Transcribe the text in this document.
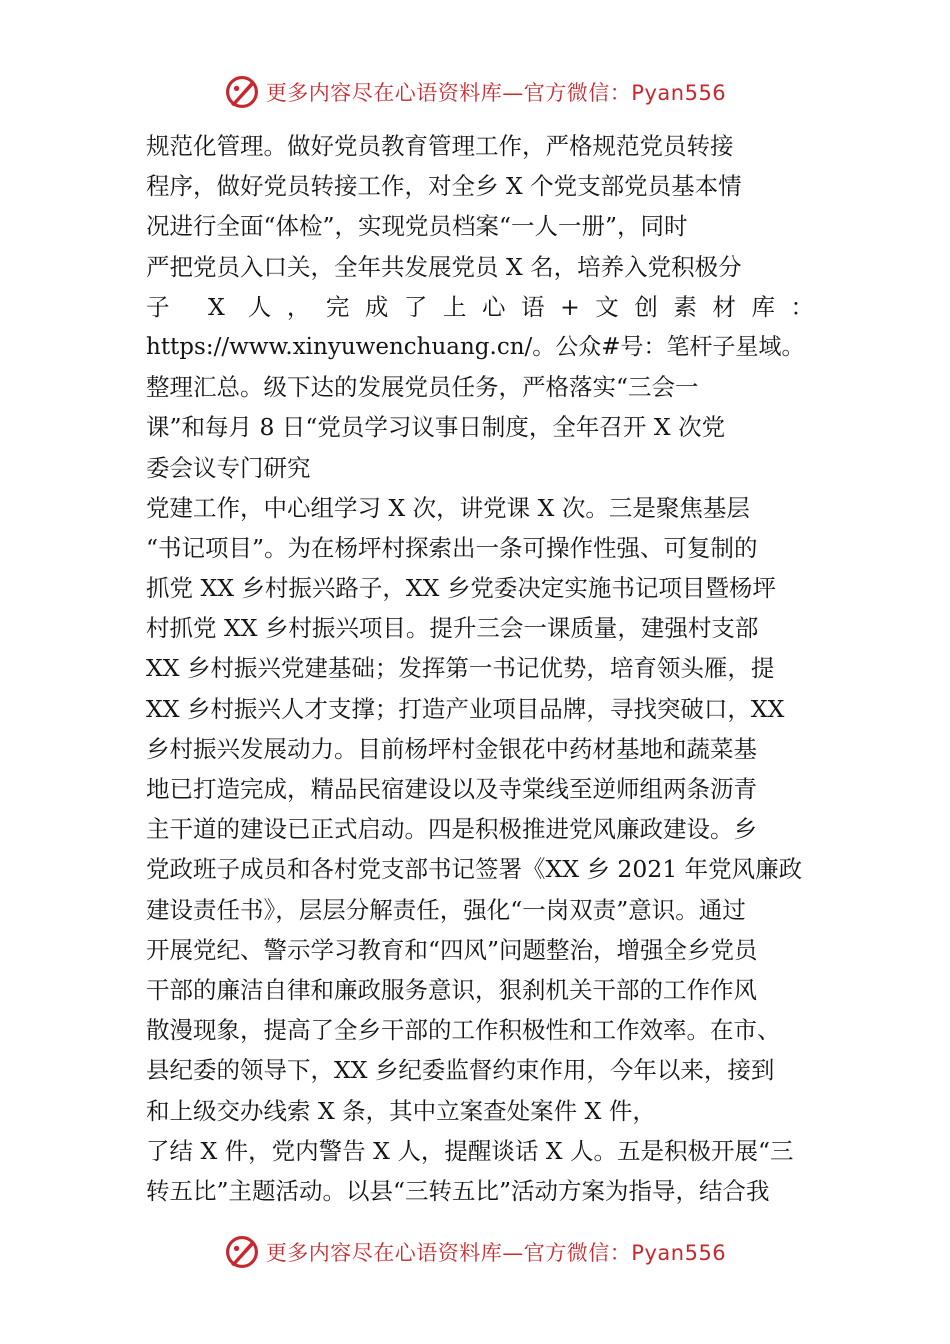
更多内容尽在心语资料库—官方微信：Pyan556
规范化管理。做好党员教育管理工作，严格规范党员转接
程序，做好党员转接工作，对全乡 X 个党支部党员基本情
况进行全面“体检”，实现党员档案“一人一册”，同时
严把党员入口关，全年共发展党员 X 名，培养入党积极分
子 X 人，完成了上心语+文创素材库：
https://www.xinyuwenchuang.cn/。公众#号：笔杆子星域。
整理汇总。级下达的发展党员任务，严格落实“三会一
课”和每月 8 日“党员学习议事日制度，全年召开 X 次党
委会议专门研究
党建工作，中心组学习 X 次，讲党课 X 次。三是聚焦基层
“书记项目”。为在杨坪村探索出一条可操作性强、可复制的
抓党 XX 乡村振兴路子，XX 乡党委决定实施书记项目暨杨坪
村抓党 XX 乡村振兴项目。提升三会一课质量，建强村支部
XX 乡村振兴党建基础；发挥第一书记优势，培育领头雁，提
XX 乡村振兴人才支撑；打造产业项目品牌，寻找突破口，XX
乡村振兴发展动力。目前杨坪村金银花中药材基地和蔬菜基
地已打造完成，精品民宿建设以及寺棠线至逆师组两条沥青
主干道的建设已正式启动。四是积极推进党风廉政建设。乡
党政班子成员和各村党支部书记签署《XX 乡 2021 年党风廉政
建设责任书》，层层分解责任，强化“一岗双责”意识。通过
开展党纪、警示学习教育和“四风”问题整治，增强全乡党员
干部的廉洁自律和廉政服务意识，狠刹机关干部的工作作风
散漫现象，提高了全乡干部的工作积极性和工作效率。在市、
县纪委的领导下，XX 乡纪委监督约束作用，今年以来，接到
和上级交办线索 X 条，其中立案查处案件 X 件，
了结 X 件，党内警告 X 人，提醒谈话 X 人。五是积极开展“三
转五比”主题活动。以县“三转五比”活动方案为指导，结合我
更多内容尽在心语资料库—官方微信：Pyan556
